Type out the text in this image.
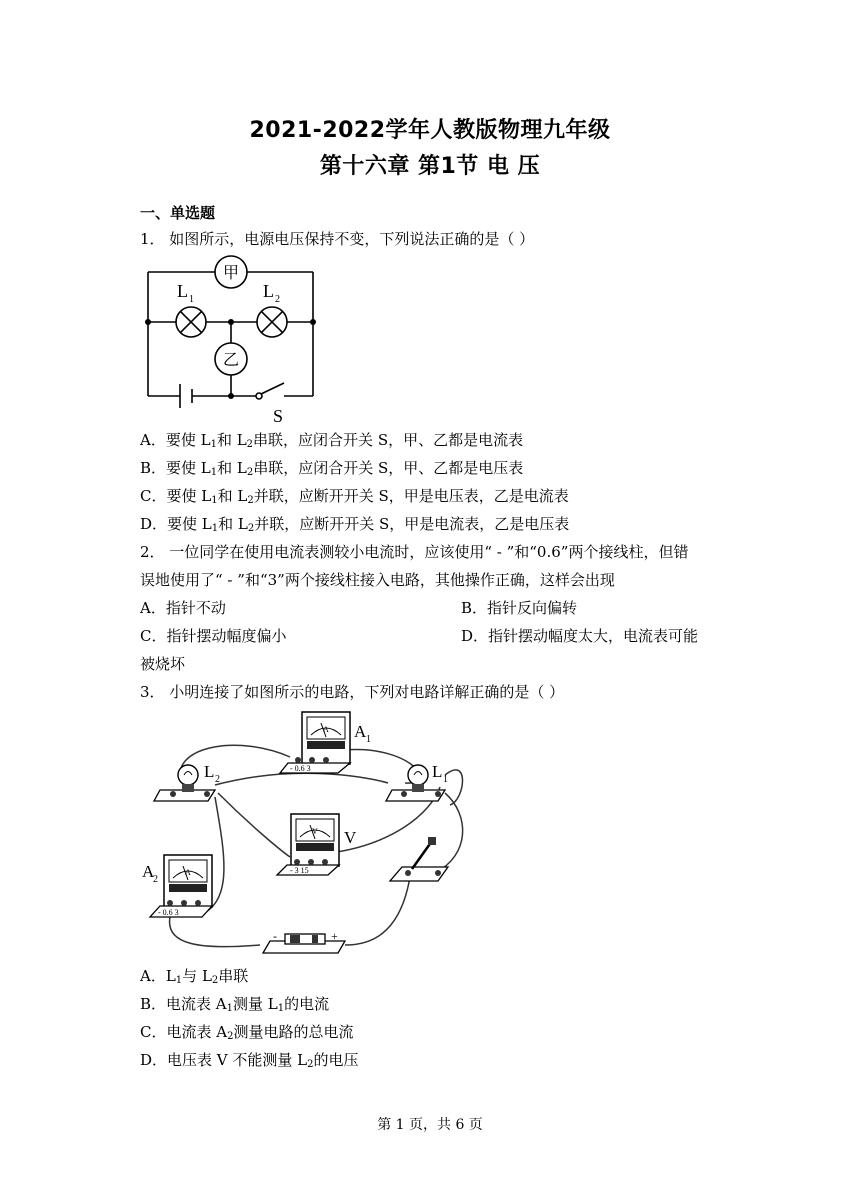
2021-2022学年人教版物理九年级
第十六章 第1节 电 压
一、单选题
1． 如图所示，电源电压保持不变，下列说法正确的是（ ）
甲
乙
L 1	L 2
S
A．要使 $L_1$和 $L_2$串联，应闭合开关 S，甲、乙都是电流表
B．要使 $L_1$和 $L_2$串联，应闭合开关 S，甲、乙都是电压表
C．要使 $L_1$和 $L_2$并联，应断开开关 S，甲是电压表，乙是电流表
D．要使 $L_1$和 $L_2$并联，应断开开关 S，甲是电流表，乙是电压表
2． 一位同学在使用电流表测较小电流时，应该使用“ - ”和“0.6”两个接线柱，但错
误地使用了“ - ”和“3”两个接线柱接入电路，其他操作正确，这样会出现
A．指针不动	B．指针反向偏转
C．指针摆动幅度偏小	D．指针摆动幅度太大，电流表可能
被烧坏
3． 小明连接了如图所示的电路，下列对电路详解正确的是（ ）
A
- 0.6 3
A 1
L 2	L 1
V
- 3 15
V
A
- 0.6 3
A
2
-	+
A．$L_1$与 $L_2$串联
B．电流表 $A_1$测量 $L_1$的电流
C．电流表 $A_2$测量电路的总电流
D．电压表 V 不能测量 $L_2$的电压
第 1 页，共 6 页
